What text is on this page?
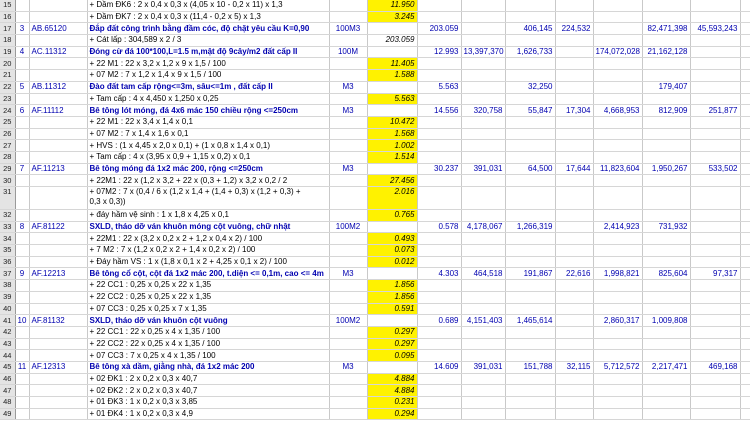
15			+ Dầm ĐK6 : 2 x 0,4 x 0,3 x (4,05 x 10 - 0,2 x 11) x 1,3		11.950								
16			+ Dầm ĐK7 : 2 x 0,4 x 0,3 x (11,4 - 0,2 x 5) x 1,3		3.245								
17	3	AB.65120	Đắp đất công trình bằng đầm cóc, độ chặt yêu cầu K=0,90	100M3		203.059		406,145	224,532		82,471,398	45,593,243	
18			+ Cát lấp : 304,589 x 2 / 3		203.059								
19	4	AC.11312	Đóng cừ đá 100*100,L=1.5 m,mật độ 9cây/m2 đất cấp II	100M		12.993	13,397,370	1,626,733		174,072,028	21,162,128		
20			+ 22 M1 : 22 x 3,2 x 1,2 x 9 x 1,5 / 100		11.405								
21			+ 07 M2 : 7 x 1,2 x 1,4 x 9 x 1,5 / 100		1.588								
22	5	AB.11312	Đào đất tam cấp rộng<=3m, sâu<=1m , đất cấp II	M3		5.563		32,250			179,407		
23			+ Tam cấp : 4 x 4,450 x 1,250 x 0,25		5.563								
24	6	AF.11112	Bê tông lót móng, đá 4x6 mác 150 chiều rộng <=250cm	M3		14.556	320,758	55,847	17,304	4,668,953	812,909	251,877	
25			+ 22 M1 : 22 x 3,4 x 1,4 x 0,1		10.472								
26			+ 07 M2 : 7 x 1,4 x 1,6 x 0,1		1.568								
27			+ HVS : (1 x 4,45 x 2,0 x 0,1) + (1 x 0,8 x 1,4 x 0,1)		1.002								
28			+ Tam cấp : 4 x (3,95 x 0,9 + 1,15 x 0,2) x 0,1		1.514								
29	7	AF.11213	Bê tông móng đá 1x2 mác 200, rộng <=250cm	M3		30.237	391,031	64,500	17,644	11,823,604	1,950,267	533,502	
30			+ 22M1 : 22 x (1,2 x 3,2 + 22 x (0,3 + 1,2) x 3,2 x 0,2 / 2		27.456								
31			+ 07M2 : 7 x (0,4 / 6 x (1,2 x 1,4 + (1,4 + 0,3) x (1,2 + 0,3) +
0,3 x 0,3))		2.016								
32			+ đáy hầm vệ sinh : 1 x 1,8 x 4,25 x 0,1		0.765								
33	8	AF.81122	SXLD, tháo dỡ ván khuôn móng cột vuông, chữ nhật	100M2		0.578	4,178,067	1,266,319		2,414,923	731,932		
34			+ 22M1 : 22 x (3,2 x 0,2 x 2 + 1,2 x 0,4 x 2) / 100		0.493								
35			+ 7 M2 : 7 x (1,2 x 0,2 x 2 + 1,4 x 0,2 x 2) / 100		0.073								
36			+ Đáy hầm VS : 1 x (1,8 x 0,1 x 2 + 4,25 x 0,1 x 2) / 100		0.012								
37	9	AF.12213	Bê tông cổ cột, cột đá 1x2 mác 200, t.diện <= 0,1m, cao <= 4m	M3		4.303	464,518	191,867	22,616	1,998,821	825,604	97,317	
38			+ 22 CC1 : 0,25 x 0,25 x 22 x 1,35		1.856								
39			+ 22 CC2 : 0,25 x 0,25 x 22 x 1,35		1.856								
40			+ 07 CC3 : 0,25 x 0,25 x 7 x 1,35		0.591								
41	10	AF.81132	SXLD, tháo dỡ ván khuôn cột vuông	100M2		0.689	4,151,403	1,465,614		2,860,317	1,009,808		
42			+ 22 CC1 : 22 x 0,25 x 4 x 1,35 / 100		0.297								
43			+ 22 CC2 : 22 x 0,25 x 4 x 1,35 / 100		0.297								
44			+ 07 CC3 : 7 x 0,25 x 4 x 1,35 / 100		0.095								
45	11	AF.12313	Bê tông xà dầm, giằng nhà, đá 1x2 mác 200	M3		14.609	391,031	151,788	32,115	5,712,572	2,217,471	469,168	
46			+ 02 ĐK1 : 2 x 0,2 x 0,3 x 40,7		4.884								
47			+ 02 ĐK2 : 2 x 0,2 x 0,3 x 40,7		4.884								
48			+ 01 ĐK3 : 1 x 0,2 x 0,3 x 3,85		0.231								
49			+ 01 ĐK4 : 1 x 0,2 x 0,3 x 4,9		0.294								
